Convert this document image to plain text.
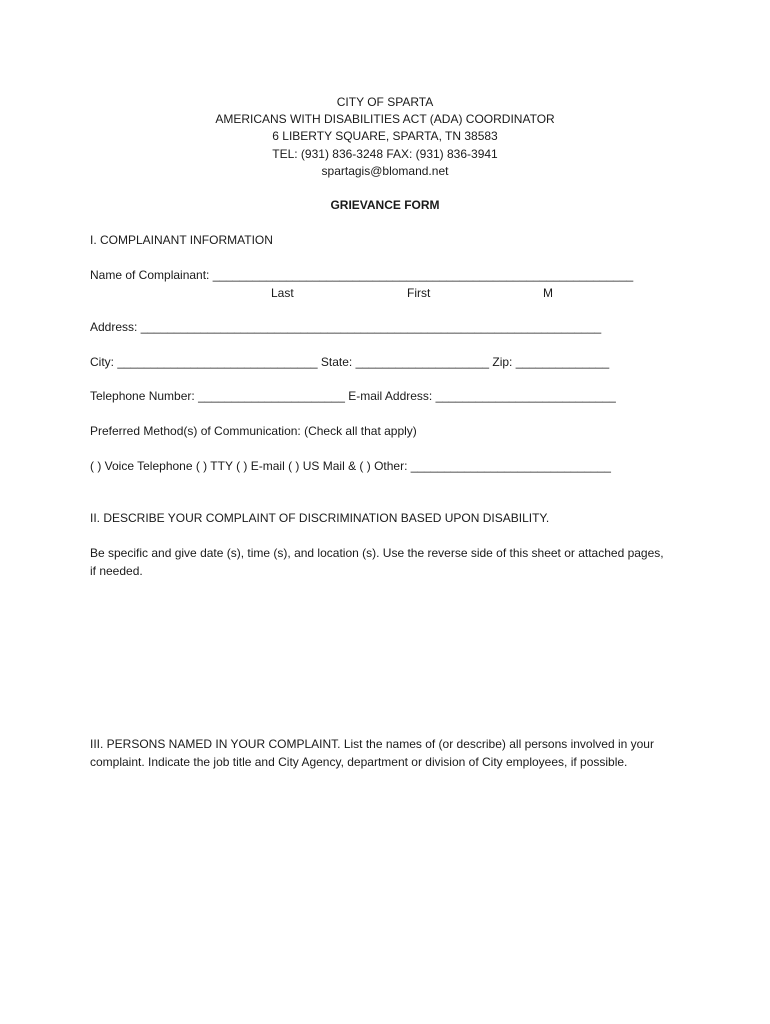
CITY OF SPARTA
AMERICANS WITH DISABILITIES ACT (ADA) COORDINATOR
6 LIBERTY SQUARE, SPARTA, TN 38583
TEL: (931) 836-3248 FAX: (931) 836-3941
spartagis@blomand.net
GRIEVANCE FORM
I. COMPLAINANT INFORMATION
Name of Complainant: _______________________________________________________________
Last	First	M
Address: _____________________________________________________________________
City: ______________________________ State: ____________________ Zip: ______________
Telephone Number: ______________________ E-mail Address: ___________________________
Preferred Method(s) of Communication: (Check all that apply)
( ) Voice Telephone ( ) TTY ( ) E-mail ( ) US Mail & ( ) Other: ______________________________
II. DESCRIBE YOUR COMPLAINT OF DISCRIMINATION BASED UPON DISABILITY.
Be specific and give date (s), time (s), and location (s). Use the reverse side of this sheet or attached pages, if needed.
III. PERSONS NAMED IN YOUR COMPLAINT. List the names of (or describe) all persons involved in your complaint. Indicate the job title and City Agency, department or division of City employees, if possible.
